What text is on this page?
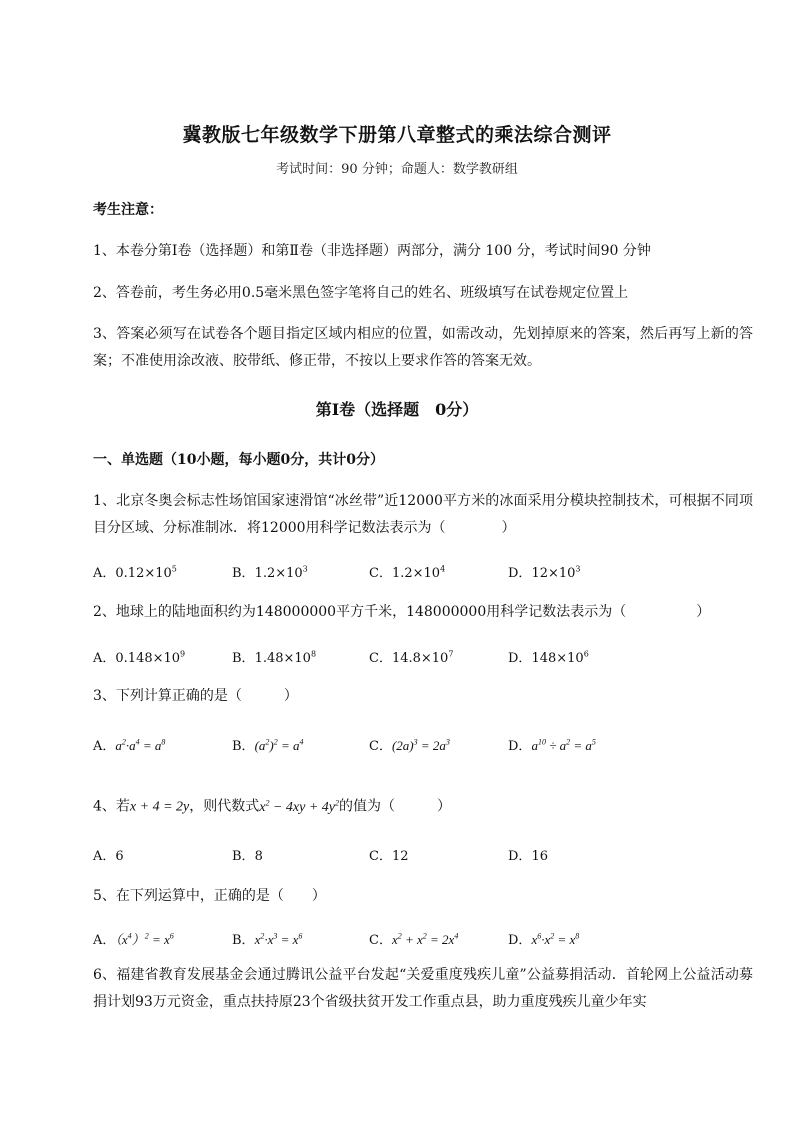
冀教版七年级数学下册第八章整式的乘法综合测评
考试时间：90 分钟；命题人：数学教研组
考生注意：
1、本卷分第Ⅰ卷（选择题）和第Ⅱ卷（非选择题）两部分，满分 100 分，考试时间90 分钟
2、答卷前，考生务必用0.5毫米黑色签字笔将自己的姓名、班级填写在试卷规定位置上
3、答案必须写在试卷各个题目指定区域内相应的位置，如需改动，先划掉原来的答案，然后再写上新的答案；不准使用涂改液、胶带纸、修正带，不按以上要求作答的答案无效。
第Ⅰ卷（选择题　0分）
一、单选题（10小题，每小题0分，共计0分）
1、北京冬奥会标志性场馆国家速滑馆“冰丝带”近12000平方米的冰面采用分模块控制技术，可根据不同项目分区域、分标准制冰．将12000用科学记数法表示为（　　　　）
A．$0.12\times 10^5$	B．$1.2\times 10^3$	C．$1.2\times 10^4$	D．$12\times 10^3$
2、地球上的陆地面积约为148000000平方千米，148000000用科学记数法表示为（　　　　　）
A．$0.148\times 10^9$	B．$1.48\times 10^8$	C．$14.8\times 10^7$	D．$148\times 10^6$
3、下列计算正确的是（　　　）
A．$a^2\cdot a^4 = a^8$	B．$(a^2)^2 = a^4$	C．$(2a)^3 = 2a^3$	D．$a^{10} \div a^2 = a^5$
4、若x + 4 = 2y，则代数式$x^2 - 4xy + 4y^2$的值为（　　　）
A．6	B．8	C．12	D．16
5、在下列运算中，正确的是（　　）
A．$(x^4)^2 = x^6$	B．$x^2\cdot x^3 = x^6$	C．$x^2 + x^2 = 2x^4$	D．$x^6\cdot x^2 = x^8$
6、福建省教育发展基金会通过腾讯公益平台发起“关爱重度残疾儿童”公益募捐活动．首轮网上公益活动募捐计划93万元资金，重点扶持原23个省级扶贫开发工作重点县，助力重度残疾儿童少年实
